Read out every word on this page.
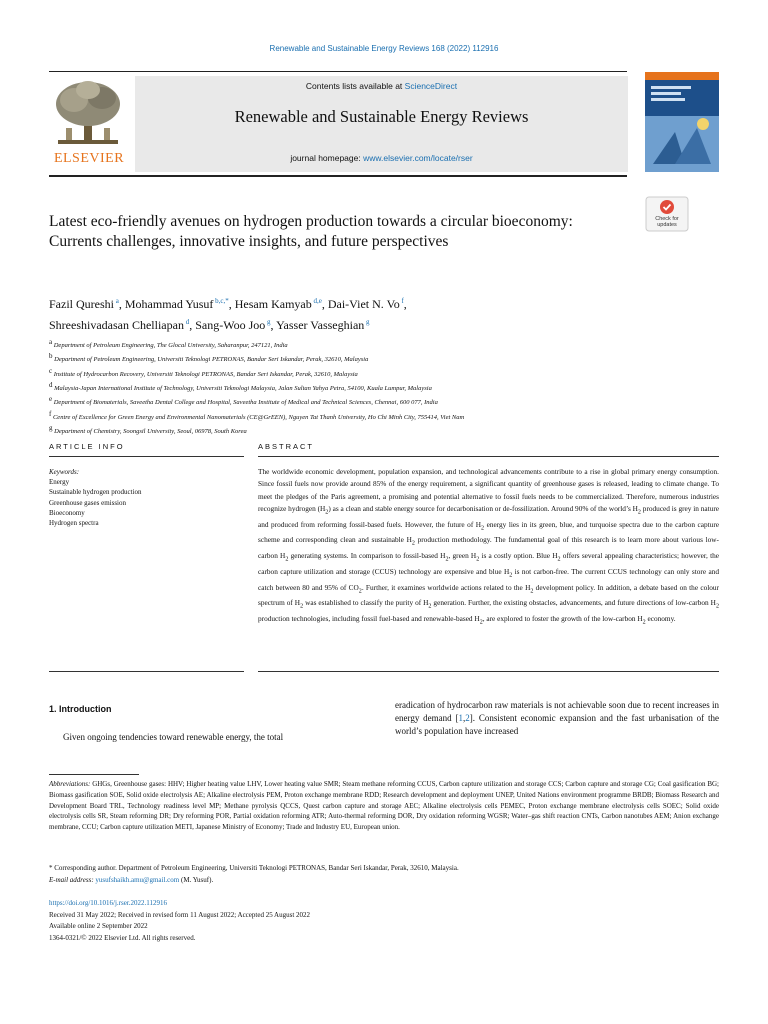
Renewable and Sustainable Energy Reviews 168 (2022) 112916
ELSEVIER
Contents lists available at ScienceDirect
Renewable and Sustainable Energy Reviews
journal homepage: www.elsevier.com/locate/rser
Latest eco-friendly avenues on hydrogen production towards a circular bioeconomy: Currents challenges, innovative insights, and future perspectives
Check for
updates
Fazil Qureshi $^a$, Mohammad Yusuf $^{b,c,*}$, Hesam Kamyab $^{d,e}$, Dai-Viet N. Vo $^f$,
Shreeshivadasan Chelliapan $^d$, Sang-Woo Joo $^g$, Yasser Vasseghian $^g$
$^a$ Department of Petroleum Engineering, The Glocal University, Saharanpur, 247121, India
$^b$ Department of Petroleum Engineering, Universiti Teknologi PETRONAS, Bandar Seri Iskandar, Perak, 32610, Malaysia
$^c$ Institute of Hydrocarbon Recovery, Universiti Teknologi PETRONAS, Bandar Seri Iskandar, Perak, 32610, Malaysia
$^d$ Malaysia-Japan International Institute of Technology, Universiti Teknologi Malaysia, Jalan Sultan Yahya Petra, 54100, Kuala Lumpur, Malaysia
$^e$ Department of Biomaterials, Saveetha Dental College and Hospital, Saveetha Institute of Medical and Technical Sciences, Chennai, 600 077, India
$^f$ Centre of Excellence for Green Energy and Environmental Nanomaterials (CE@GrEEN), Nguyen Tat Thanh University, Ho Chi Minh City, 755414, Viet Nam
$^g$ Department of Chemistry, Soongsil University, Seoul, 06978, South Korea
ARTICLE INFO	ABSTRACT
Keywords:
Energy
Sustainable hydrogen production
Greenhouse gases emission
Bioeconomy
Hydrogen spectra
The worldwide economic development, population expansion, and technological advancements contribute to a rise in global primary energy consumption. Since fossil fuels now provide around 85% of the energy requirement, a significant quantity of greenhouse gases is released, leading to climate change. To meet the pledges of the Paris agreement, a promising and potential alternative to fossil fuels needs to be commercialized. Therefore, numerous industries recognize hydrogen $(H_2)$ as a clean and stable energy source for decarbonisation or de-fossilization. Around 90% of the world’s $H_2$ produced is grey in nature and produced from reforming fossil-based fuels. However, the future of $H_2$ energy lies in its green, blue, and turquoise spectra due to the carbon capture scheme and corresponding clean and sustainable $H_2$ production methodology. The fundamental goal of this research is to learn more about various low-carbon $H_2$ generating systems. In comparison to fossil-based $H_2$, green $H_2$ is a costly option. Blue $H_2$ offers several appealing characteristics; however, the carbon capture utilization and storage (CCUS) technology are expensive and blue $H_2$ is not carbon-free. The current CCUS technology can only store and catch between 80 and 95% of $CO_2$. Further, it examines worldwide actions related to the $H_2$ development policy. In addition, a debate based on the colour spectrum of $H_2$ was established to classify the purity of $H_2$ generation. Further, the existing obstacles, advancements, and future directions of low-carbon $H_2$ production technologies, including fossil fuel-based and renewable-based $H_2$, are explored to foster the growth of the low-carbon $H_2$ economy.
1. Introduction
Given ongoing tendencies toward renewable energy, the total
eradication of hydrocarbon raw materials is not achievable soon due to recent increases in energy demand [1,2]. Consistent economic expansion and the fast urbanisation of the world’s population have increased
Abbreviations: GHGs, Greenhouse gases: HHV; Higher heating value LHV, Lower heating value SMR; Steam methane reforming CCUS, Carbon capture utilization and storage CCS; Carbon capture and storage CG; Coal gasification BG; Biomass gasification SOE, Solid oxide electrolysis AE; Alkaline electrolysis PEM, Proton exchange membrane RDD; Research development and deployment UNEP, United Nations environment programme BRDB; Biomass Research and Development Board TRL, Technology readiness level MP; Methane pyrolysis QCCS, Quest carbon capture and storage AEC; Alkaline electrolysis cells PEMEC, Proton exchange membrane electrolysis cells SOEC; Solid oxide electrolysis cells SR, Steam reforming DR; Dry reforming POR, Partial oxidation reforming ATR; Auto-thermal reforming DOR, Dry oxidation reforming WGSR; Water–gas shift reaction CNTs, Carbon nanotubes AEM; Anion exchange membrane, CCU; Carbon capture utilization METI, Japanese Ministry of Economy; Trade and Industry EU, European union.
* Corresponding author. Department of Petroleum Engineering, Universiti Teknologi PETRONAS, Bandar Seri Iskandar, Perak, 32610, Malaysia.
E-mail address: yusufshaikh.amu@gmail.com (M. Yusuf).
https://doi.org/10.1016/j.rser.2022.112916
Received 31 May 2022; Received in revised form 11 August 2022; Accepted 25 August 2022
Available online 2 September 2022
1364-0321/© 2022 Elsevier Ltd. All rights reserved.
